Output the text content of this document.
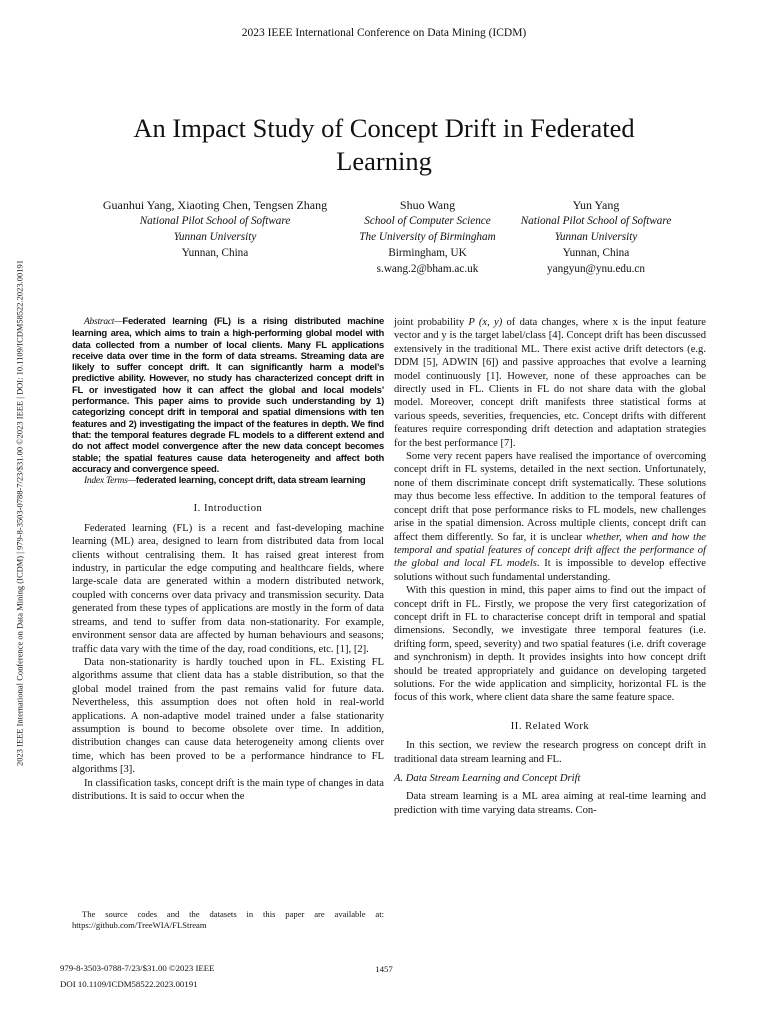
2023 IEEE International Conference on Data Mining (ICDM)
2023 IEEE International Conference on Data Mining (ICDM) | 979-8-3503-0788-7/23/$31.00 ©2023 IEEE | DOI: 10.1109/ICDM58522.2023.00191
An Impact Study of Concept Drift in Federated Learning
Guanhui Yang, Xiaoting Chen, Tengsen Zhang
National Pilot School of Software
Yunnan University
Yunnan, China
Shuo Wang
School of Computer Science
The University of Birmingham
Birmingham, UK
s.wang.2@bham.ac.uk
Yun Yang
National Pilot School of Software
Yunnan University
Yunnan, China
yangyun@ynu.edu.cn

Abstract—Federated learning (FL) is a rising distributed machine learning area, which aims to train a high-performing global model with data collected from a number of local clients. Many FL applications receive data over time in the form of data streams. Streaming data are likely to suffer concept drift. It can significantly harm a model’s predictive ability. However, no study has characterized concept drift in FL or investigated how it can affect the global and local models’ performance. This paper aims to provide such understanding by 1) categorizing concept drift in temporal and spatial dimensions with ten features and 2) investigating the impact of the features in depth. We find that: the temporal features degrade FL models to a different extend and do not affect model convergence after the new data concept becomes stable; the spatial features cause data heterogeneity and affect both accuracy and convergence speed.

Index Terms—federated learning, concept drift, data stream learning

I. Introduction

Federated learning (FL) is a recent and fast-developing machine learning (ML) area, designed to learn from distributed data from local clients without centralising them. It has raised great interest from industry, in particular the edge computing and healthcare fields, where large-scale data are generated within a modern distributed network, coupled with concerns over data privacy and transmission security. Data generated from these types of applications are mostly in the form of data streams, and tend to suffer from data non-stationarity. For example, environment sensor data are affected by human behaviours and seasons; traffic data vary with the time of the day, road conditions, etc. [1], [2].

Data non-stationarity is hardly touched upon in FL. Existing FL algorithms assume that client data has a stable distribution, so that the global model trained from the past remains valid for future data. Nevertheless, this assumption does not often hold in real-world applications. A non-adaptive model trained under a false stationarity assumption is bound to become obsolete over time. In addition, distribution changes can cause data heterogeneity among clients over time, which has been proved to be a performance hindrance to FL algorithms [3].

In classification tasks, concept drift is the main type of changes in data distributions. It is said to occur when the

The source codes and the datasets in this paper are available at: https://github.com/TreeWIA/FLStream

joint probability P (x, y) of data changes, where x is the input feature vector and y is the target label/class [4]. Concept drift has been discussed extensively in the traditional ML. There exist active drift detectors (e.g. DDM [5], ADWIN [6]) and passive approaches that evolve a learning model continuously [1]. However, none of these approaches can be directly used in FL. Clients in FL do not share data with the global model. Moreover, concept drift manifests three statistical forms at various speeds, severities, frequencies, etc. Concept drifts with different features require corresponding drift detection and adaptation strategies for the best performance [7].

Some very recent papers have realised the importance of overcoming concept drift in FL systems, detailed in the next section. Unfortunately, none of them discriminate concept drift systematically. These solutions may thus become less effective. In addition to the temporal features of concept drift that pose performance risks to FL models, new challenges arise in the spatial dimension. Across multiple clients, concept drift can affect them differently. So far, it is unclear whether, when and how the temporal and spatial features of concept drift affect the performance of the global and local FL models. It is impossible to develop effective solutions without such fundamental understanding.

With this question in mind, this paper aims to find out the impact of concept drift in FL. Firstly, we propose the very first categorization of concept drift in FL to characterise concept drift in temporal and spatial dimensions. Secondly, we investigate three temporal features (i.e. drifting form, speed, severity) and two spatial features (i.e. drift coverage and synchronism) in depth. It provides insights into how concept drift should be treated appropriately and guidance on developing targeted solutions. For the wide application and simplicity, horizontal FL is the focus of this work, where client data share the same feature space.

II. Related Work

In this section, we review the research progress on concept drift in traditional data stream learning and FL.

A. Data Stream Learning and Concept Drift

Data stream learning is a ML area aiming at real-time learning and prediction with time varying data streams. Con-

979-8-3503-0788-7/23/$31.00 ©2023 IEEE
DOI 10.1109/ICDM58522.2023.00191
1457
